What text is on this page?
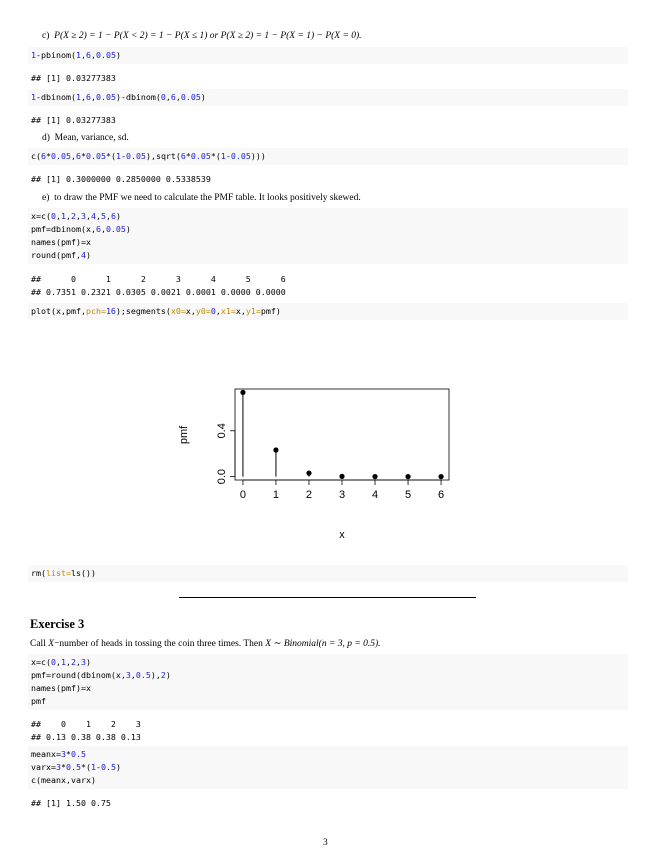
c) P(X ≥ 2) = 1 − P(X < 2) = 1 − P(X ≤ 1) or P(X ≥ 2) = 1 − P(X = 1) − P(X = 0).
1-pbinom(1,6,0.05)
## [1] 0.03277383
1-dbinom(1,6,0.05)-dbinom(0,6,0.05)
## [1] 0.03277383
d) Mean, variance, sd.
c(6*0.05,6*0.05*(1-0.05),sqrt(6*0.05*(1-0.05)))
## [1] 0.3000000 0.2850000 0.5338539
e) to draw the PMF we need to calculate the PMF table. It looks positively skewed.
x=c(0,1,2,3,4,5,6)
pmf=dbinom(x,6,0.05)
names(pmf)=x
round(pmf,4)
##      0      1      2      3      4      5      6
## 0.7351 0.2321 0.0305 0.0021 0.0001 0.0000 0.0000
plot(x,pmf,pch=16);segments(x0=x,y0=0,x1=x,y1=pmf)
0 1 2 3 4 5 6
0.0
0.4
x
pmf
rm(list=ls())
Exercise 3
Call X−number of heads in tossing the coin three times. Then X ∼ Binomial(n = 3, p = 0.5).
x=c(0,1,2,3)
pmf=round(dbinom(x,3,0.5),2)
names(pmf)=x
pmf
##    0    1    2    3
## 0.13 0.38 0.38 0.13
meanx=3*0.5
varx=3*0.5*(1-0.5)
c(meanx,varx)
## [1] 1.50 0.75
3
